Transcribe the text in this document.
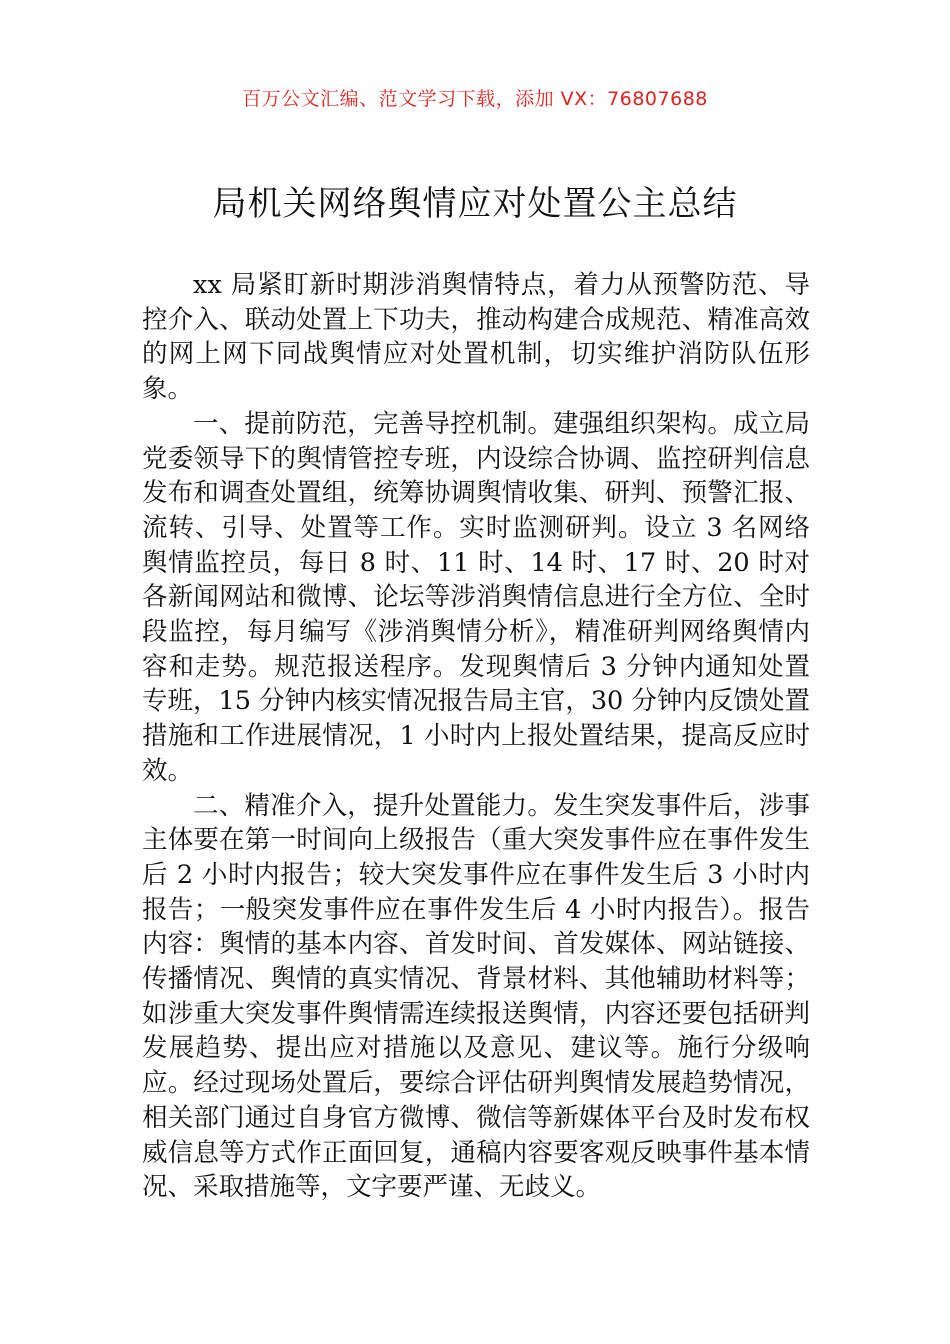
百万公文汇编、范文学习下载，添加 VX：76807688
局机关网络舆情应对处置公主总结

xx 局紧盯新时期涉消舆情特点，着力从预警防范、导控介入、联动处置上下功夫，推动构建合成规范、精准高效的网上网下同战舆情应对处置机制，切实维护消防队伍形象。

一、提前防范，完善导控机制。建强组织架构。成立局党委领导下的舆情管控专班，内设综合协调、监控研判信息发布和调查处置组，统筹协调舆情收集、研判、预警汇报、流转、引导、处置等工作。实时监测研判。设立 3 名网络舆情监控员，每日 8 时、11 时、14 时、17 时、20 时对各新闻网站和微博、论坛等涉消舆情信息进行全方位、全时段监控，每月编写《涉消舆情分析》，精准研判网络舆情内容和走势。规范报送程序。发现舆情后 3 分钟内通知处置专班，15 分钟内核实情况报告局主官，30 分钟内反馈处置措施和工作进展情况，1 小时内上报处置结果，提高反应时效。

二、精准介入，提升处置能力。发生突发事件后，涉事主体要在第一时间向上级报告（重大突发事件应在事件发生后 2 小时内报告；较大突发事件应在事件发生后 3 小时内报告；一般突发事件应在事件发生后 4 小时内报告）。报告内容：舆情的基本内容、首发时间、首发媒体、网站链接、传播情况、舆情的真实情况、背景材料、其他辅助材料等；如涉重大突发事件舆情需连续报送舆情，内容还要包括研判发展趋势、提出应对措施以及意见、建议等。施行分级响应。经过现场处置后，要综合评估研判舆情发展趋势情况，相关部门通过自身官方微博、微信等新媒体平台及时发布权威信息等方式作正面回复，通稿内容要客观反映事件基本情况、采取措施等，文字要严谨、无歧义。
